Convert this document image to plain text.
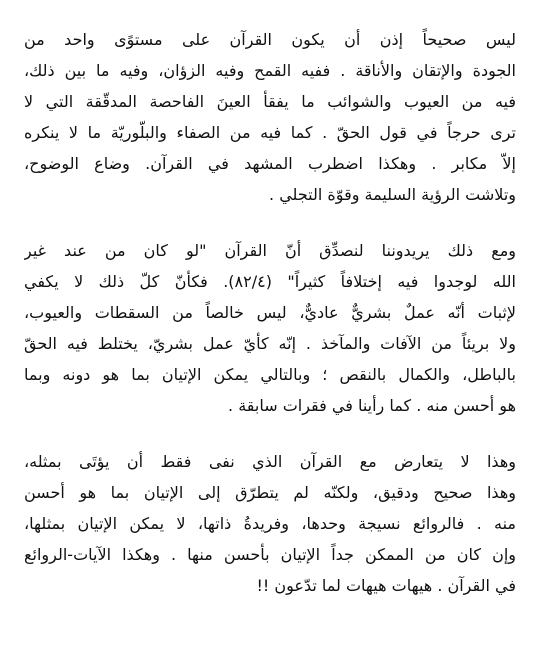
ليس صحيحاً إذن أن يكون القرآن على مستوًى واحد من
الجودة والإتقان والأناقة . ففيه القمح وفيه الزؤان، وفيه ما بين ذلك،
فيه من العيوب والشوائب ما يفقأ العينَ الفاحصة المدقّقة التي لا
ترى حرجاً في قول الحقّ . كما فيه من الصفاء والبلّوريّة ما لا ينكره
إلاّ مكابر . وهكذا اضطرب المشهد في القرآن. وضاع الوضوح،
وتلاشت الرؤية السليمة وقوّة التجلي .

ومع ذلك يريدوننا لنصدِّق أنّ القرآن "لو كان من عند غير
الله لوجدوا فيه إختلافاً كثيراً" (٨٢/٤). فكأنّ كلّ ذلك لا يكفي
لإثبات أنّه عملٌ بشريٌّ عاديٌّ، ليس خالصاً من السقطات والعيوب،
ولا بريئاً من الآفات والمآخذ . إنّه كأيّ عمل بشريّ، يختلط فيه الحقّ
بالباطل، والكمال بالنقص ؛ وبالتالي يمكن الإتيان بما هو دونه وبما
هو أحسن منه . كما رأينا في فقرات سابقة .

وهذا لا يتعارض مع القرآن الذي نفى فقط أن يؤتَى بمثله،
وهذا صحيح ودقيق، ولكنّه لم يتطرّق إلى الإتيان بما هو أحسن
منه . فالروائع نسيجة وحدها، وفريدةُ ذاتها، لا يمكن الإتيان بمثلها،
وإن كان من الممكن جداً الإتيان بأحسن منها . وهكذا الآيات-الروائع
في القرآن . هيهات هيهات لما تدّعون !!
